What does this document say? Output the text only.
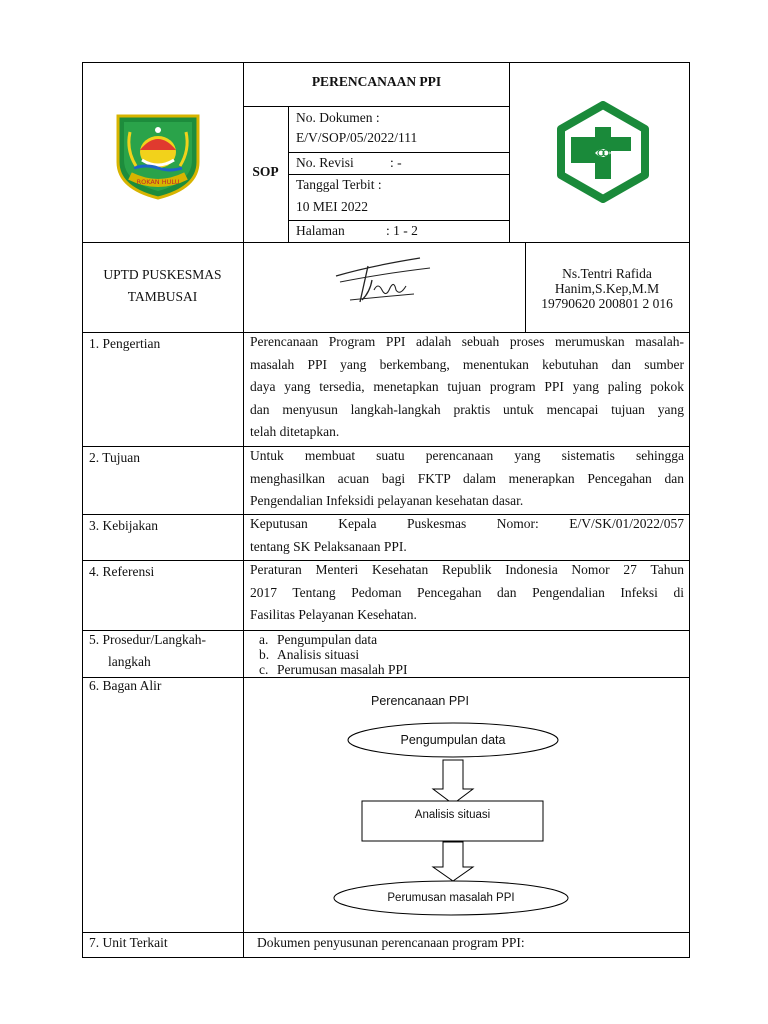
ROKAN HULU
PERENCANAAN PPI
SOP
No. Dokumen :
E/V/SOP/05/2022/111
No. Revisi	: -
Tanggal Terbit :
10 MEI 2022
Halaman	: 1 - 2
UPTD PUSKESMAS
TAMBUSAI
Ns.Tentri Rafida
Hanim,S.Kep,M.M
19790620 200801 2 016
1. Pengertian	Perencanaan Program PPI adalah sebuah proses merumuskan masalah-
masalah PPI yang berkembang, menentukan kebutuhan dan sumber
daya yang tersedia, menetapkan tujuan program PPI yang paling pokok
dan menyusun langkah-langkah praktis untuk mencapai tujuan yang
telah ditetapkan.
2. Tujuan	Untuk membuat suatu perencanaan yang sistematis sehingga
menghasilkan acuan bagi FKTP dalam menerapkan Pencegahan dan
Pengendalian Infeksidi pelayanan kesehatan dasar.
3. Kebijakan	Keputusan Kepala Puskesmas Nomor: E/V/SK/01/2022/057
tentang SK Pelaksanaan PPI.
4. Referensi	Peraturan Menteri Kesehatan Republik Indonesia Nomor 27 Tahun
2017 Tentang Pedoman Pencegahan dan Pengendalian Infeksi di
Fasilitas Pelayanan Kesehatan.
5. Prosedur/Langkah-
langkah
a. Pengumpulan data
b. Analisis situasi
c. Perumusan masalah PPI
6. Bagan Alir
Perencanaan PPI
Pengumpulan data
Analisis situasi
Perumusan masalah PPI
7. Unit Terkait	Dokumen penyusunan perencanaan program PPI:
